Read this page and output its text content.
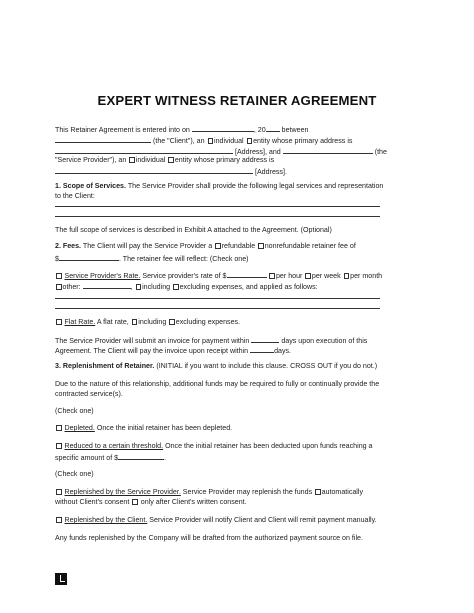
EXPERT WITNESS RETAINER AGREEMENT
This Retainer Agreement is entered into on	, 20 between
(the "Client"), an individual entity whose primary address is
[Address], and	(the
"Service Provider"), an individual entity whose primary address is
[Address].
1. Scope of Services. The Service Provider shall provide the following legal services and representation
to the Client:
The full scope of services is described in Exhibit A attached to the Agreement. (Optional)
2. Fees. The Client will pay the Service Provider a refundable nonrefundable retainer fee of
$	. The retainer fee will reflect: (Check one)
Service Provider's Rate. Service provider's rate of $	per hour per week per month
other:	, including excluding expenses, and applied as follows:
Flat Rate. A flat rate, including excluding expenses.
The Service Provider will submit an invoice for payment within	days upon execution of this
Agreement. The Client will pay the invoice upon receipt within	days.
3. Replenishment of Retainer. (INITIAL if you want to include this clause. CROSS OUT if you do not.)
Due to the nature of this relationship, additional funds may be required to fully or continually provide the
contracted service(s).
(Check one)
Depleted. Once the initial retainer has been depleted.
Reduced to a certain threshold. Once the initial retainer has been deducted upon funds reaching a
specific amount of $	.
(Check one)
Replenished by the Service Provider. Service Provider may replenish the funds automatically
without Client's consent only after Client's written consent.
Replenished by the Client. Service Provider will notify Client and Client will remit payment manually.
Any funds replenished by the Company will be drafted from the authorized payment source on file.
